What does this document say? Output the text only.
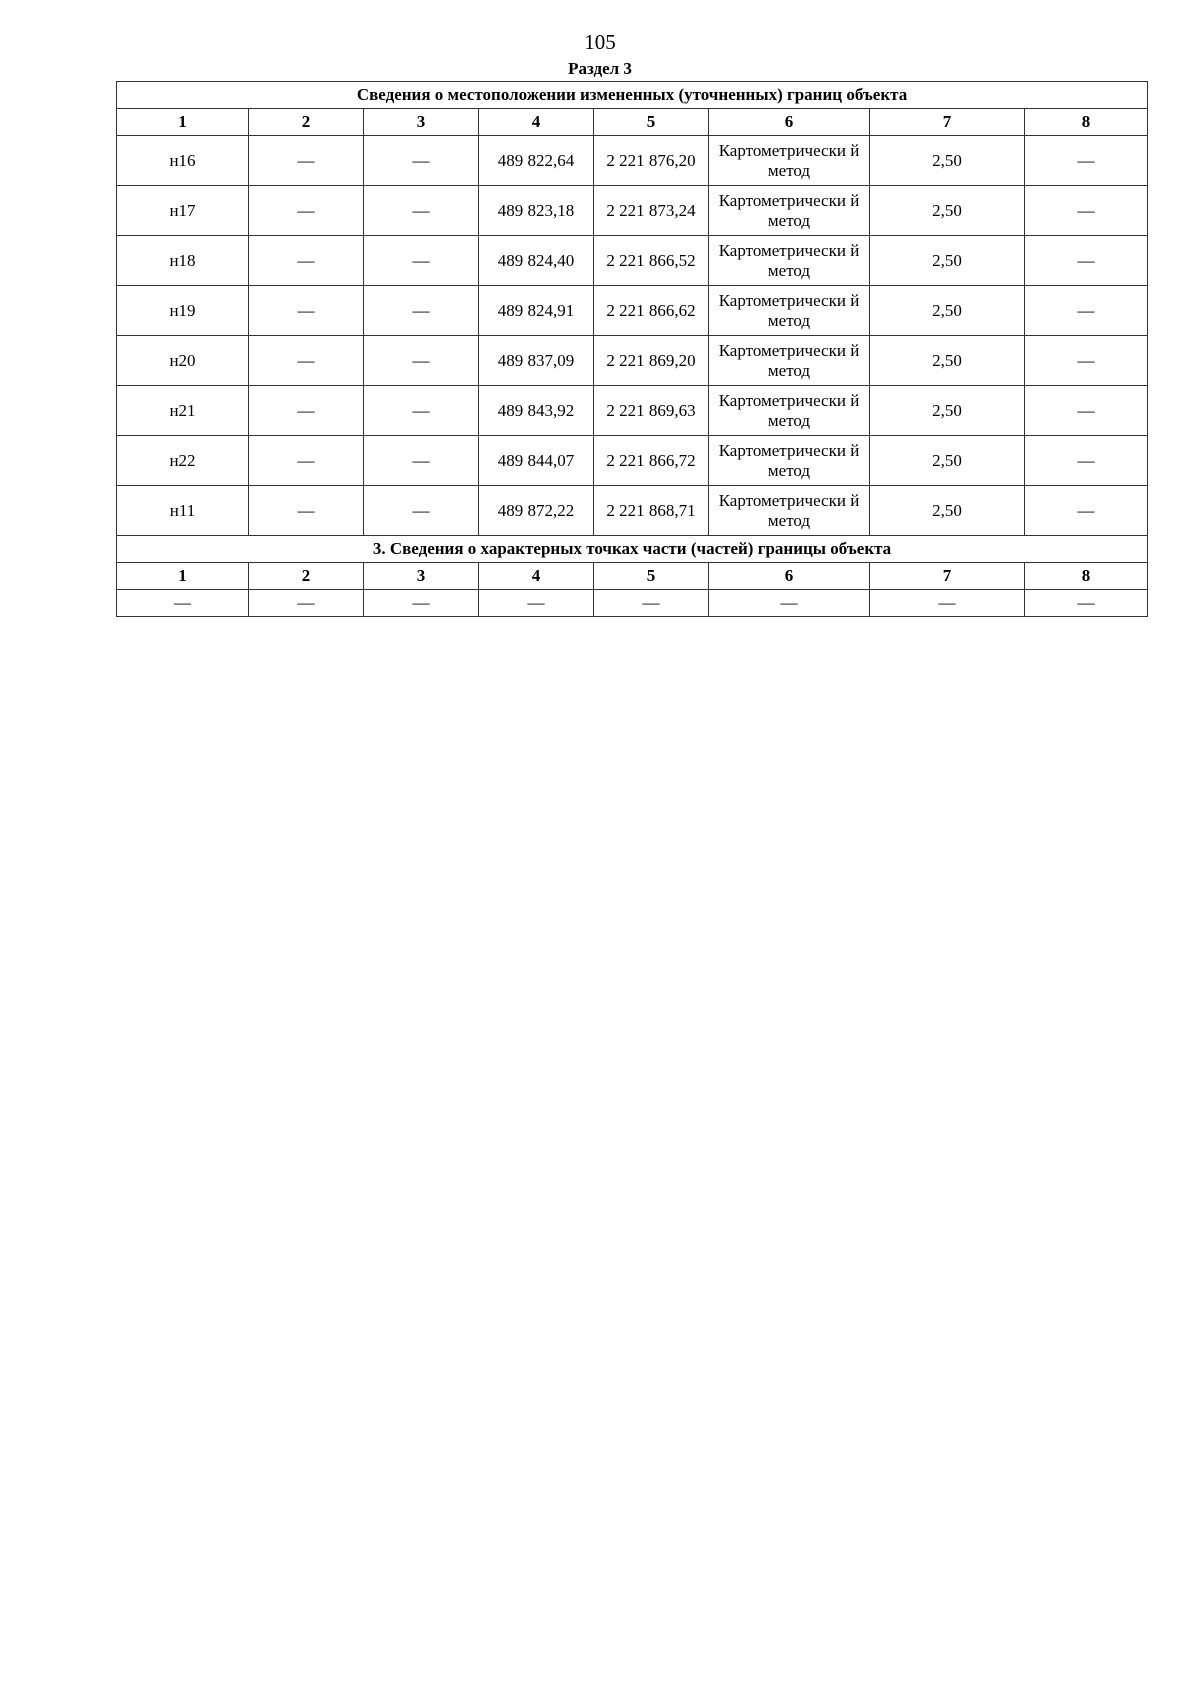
105
Раздел 3
Сведения о местоположении измененных (уточненных) границ объекта							
1	2	3	4	5	6	7	8
н16	—	—	489 822,64	2 221 876,20	Картометрически й метод	2,50	—
н17	—	—	489 823,18	2 221 873,24	Картометрически й метод	2,50	—
н18	—	—	489 824,40	2 221 866,52	Картометрически й метод	2,50	—
н19	—	—	489 824,91	2 221 866,62	Картометрически й метод	2,50	—
н20	—	—	489 837,09	2 221 869,20	Картометрически й метод	2,50	—
н21	—	—	489 843,92	2 221 869,63	Картометрически й метод	2,50	—
н22	—	—	489 844,07	2 221 866,72	Картометрически й метод	2,50	—
н11	—	—	489 872,22	2 221 868,71	Картометрически й метод	2,50	—
3. Сведения о характерных точках части (частей) границы объекта							
1	2	3	4	5	6	7	8
—	—	—	—	—	—	—	—
